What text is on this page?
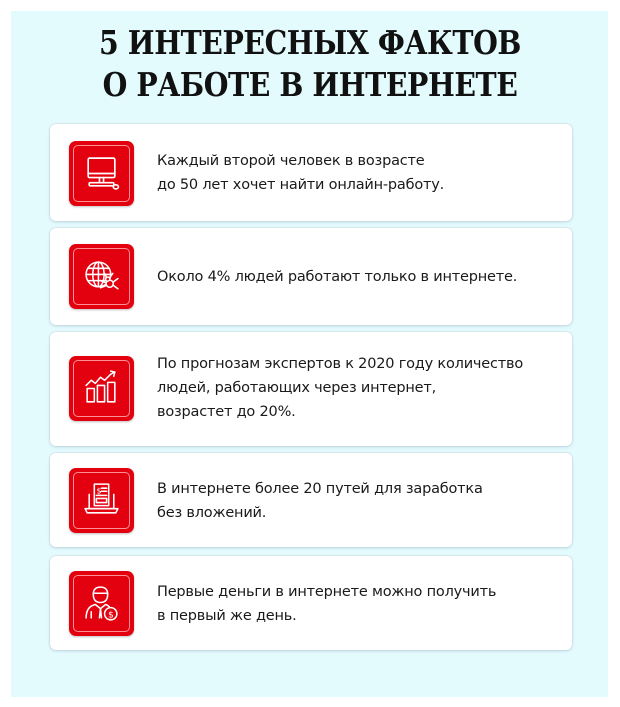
5 ИНТЕРЕСНЫХ ФАКТОВ
О РАБОТЕ В ИНТЕРНЕТЕ
Каждый второй человек в возрасте
до 50 лет хочет найти онлайн-работу.
Около 4% людей работают только в интернете.
По прогнозам экспертов к 2020 году количество
людей, работающих через интернет,
возрастет до 20%.
$	В интернете более 20 путей для заработка
без вложений.
$
Первые деньги в интернете можно получить
в первый же день.
